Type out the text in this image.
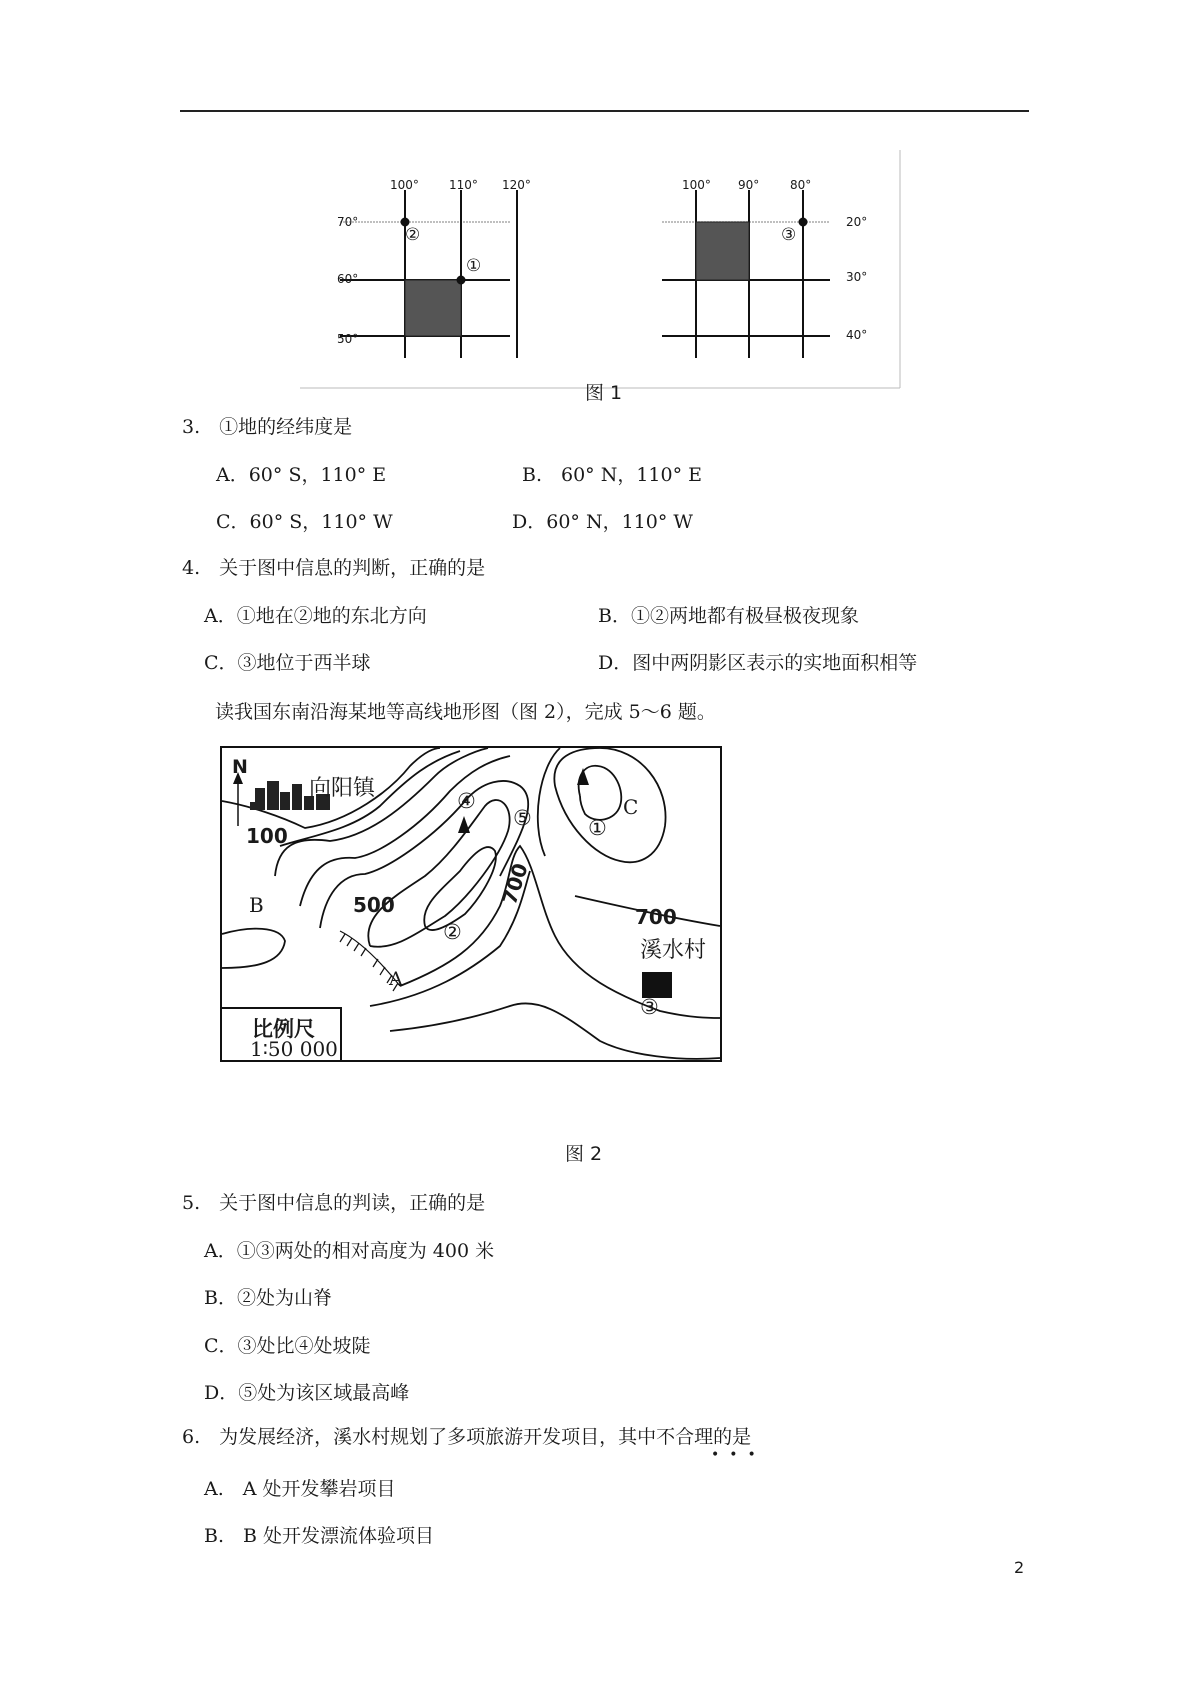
100°	110° 120°
70°
60°
50°
②
①
100° 90°	80°
20°
30°
40°
③
图 1
3.　①地的经纬度是
A．60° S，110° E	B.　60° N，110° E
C．60° S，110° W	D．60° N，110° W
4.　关于图中信息的判断，正确的是
A．①地在②地的东北方向	B．①②两地都有极昼极夜现象
C．③地位于西半球	D．图中两阴影区表示的实地面积相等
读我国东南沿海某地等高线地形图（图 2），完成 5～6 题。
N
向阳镇
100
500	700
700
溪水村
①
②
③
④
⑤
A
B
C
比例尺
1∶50 000
图 2
5.　关于图中信息的判读，正确的是
A．①③两处的相对高度为 400 米
B．②处为山脊
C．③处比④处坡陡
D．⑤处为该区域最高峰
6.　为发展经济，溪水村规划了多项旅游开发项目，其中不合理的是
•••
A.　A 处开发攀岩项目
B.　B 处开发漂流体验项目
2
